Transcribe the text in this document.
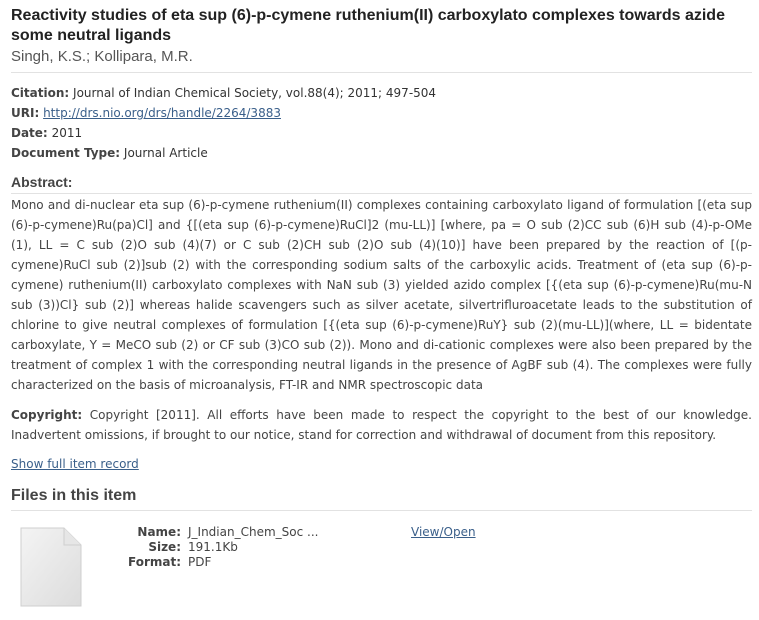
Reactivity studies of eta sup (6)-p-cymene ruthenium(II) carboxylato complexes towards azide some neutral ligands
Singh, K.S.; Kollipara, M.R.
Citation: Journal of Indian Chemical Society, vol.88(4); 2011; 497-504
URI: http://drs.nio.org/drs/handle/2264/3883
Date: 2011
Document Type: Journal Article
Abstract:
Mono and di-nuclear eta sup (6)-p-cymene ruthenium(II) complexes containing carboxylato ligand of formulation [(eta sup (6)-p-cymene)Ru(pa)Cl] and {[(eta sup (6)-p-cymene)RuCl]2 (mu-LL)] [where, pa = O sub (2)CC sub (6)H sub (4)-p-OMe (1), LL = C sub (2)O sub (4)(7) or C sub (2)CH sub (2)O sub (4)(10)] have been prepared by the reaction of [(p-cymene)RuCl sub (2)]sub (2) with the corresponding sodium salts of the carboxylic acids. Treatment of (eta sup (6)-p-cymene) ruthenium(II) carboxylato complexes with NaN sub (3) yielded azido complex [{(eta sup (6)-p-cymene)Ru(mu-N sub (3))Cl} sub (2)] whereas halide scavengers such as silver acetate, silvertrifluroacetate leads to the substitution of chlorine to give neutral complexes of formulation [{(eta sup (6)-p-cymene)RuY} sub (2)(mu-LL)](where, LL = bidentate carboxylate, Y = MeCO sub (2) or CF sub (3)CO sub (2)). Mono and di-cationic complexes were also been prepared by the treatment of complex 1 with the corresponding neutral ligands in the presence of AgBF sub (4). The complexes were fully characterized on the basis of microanalysis, FT-IR and NMR spectroscopic data
Copyright: Copyright [2011]. All efforts have been made to respect the copyright to the best of our knowledge. Inadvertent omissions, if brought to our notice, stand for correction and withdrawal of document from this repository.
Show full item record
Files in this item
Name: J_Indian_Chem_Soc ...
Size: 191.1Kb
Format: PDF
View/Open
